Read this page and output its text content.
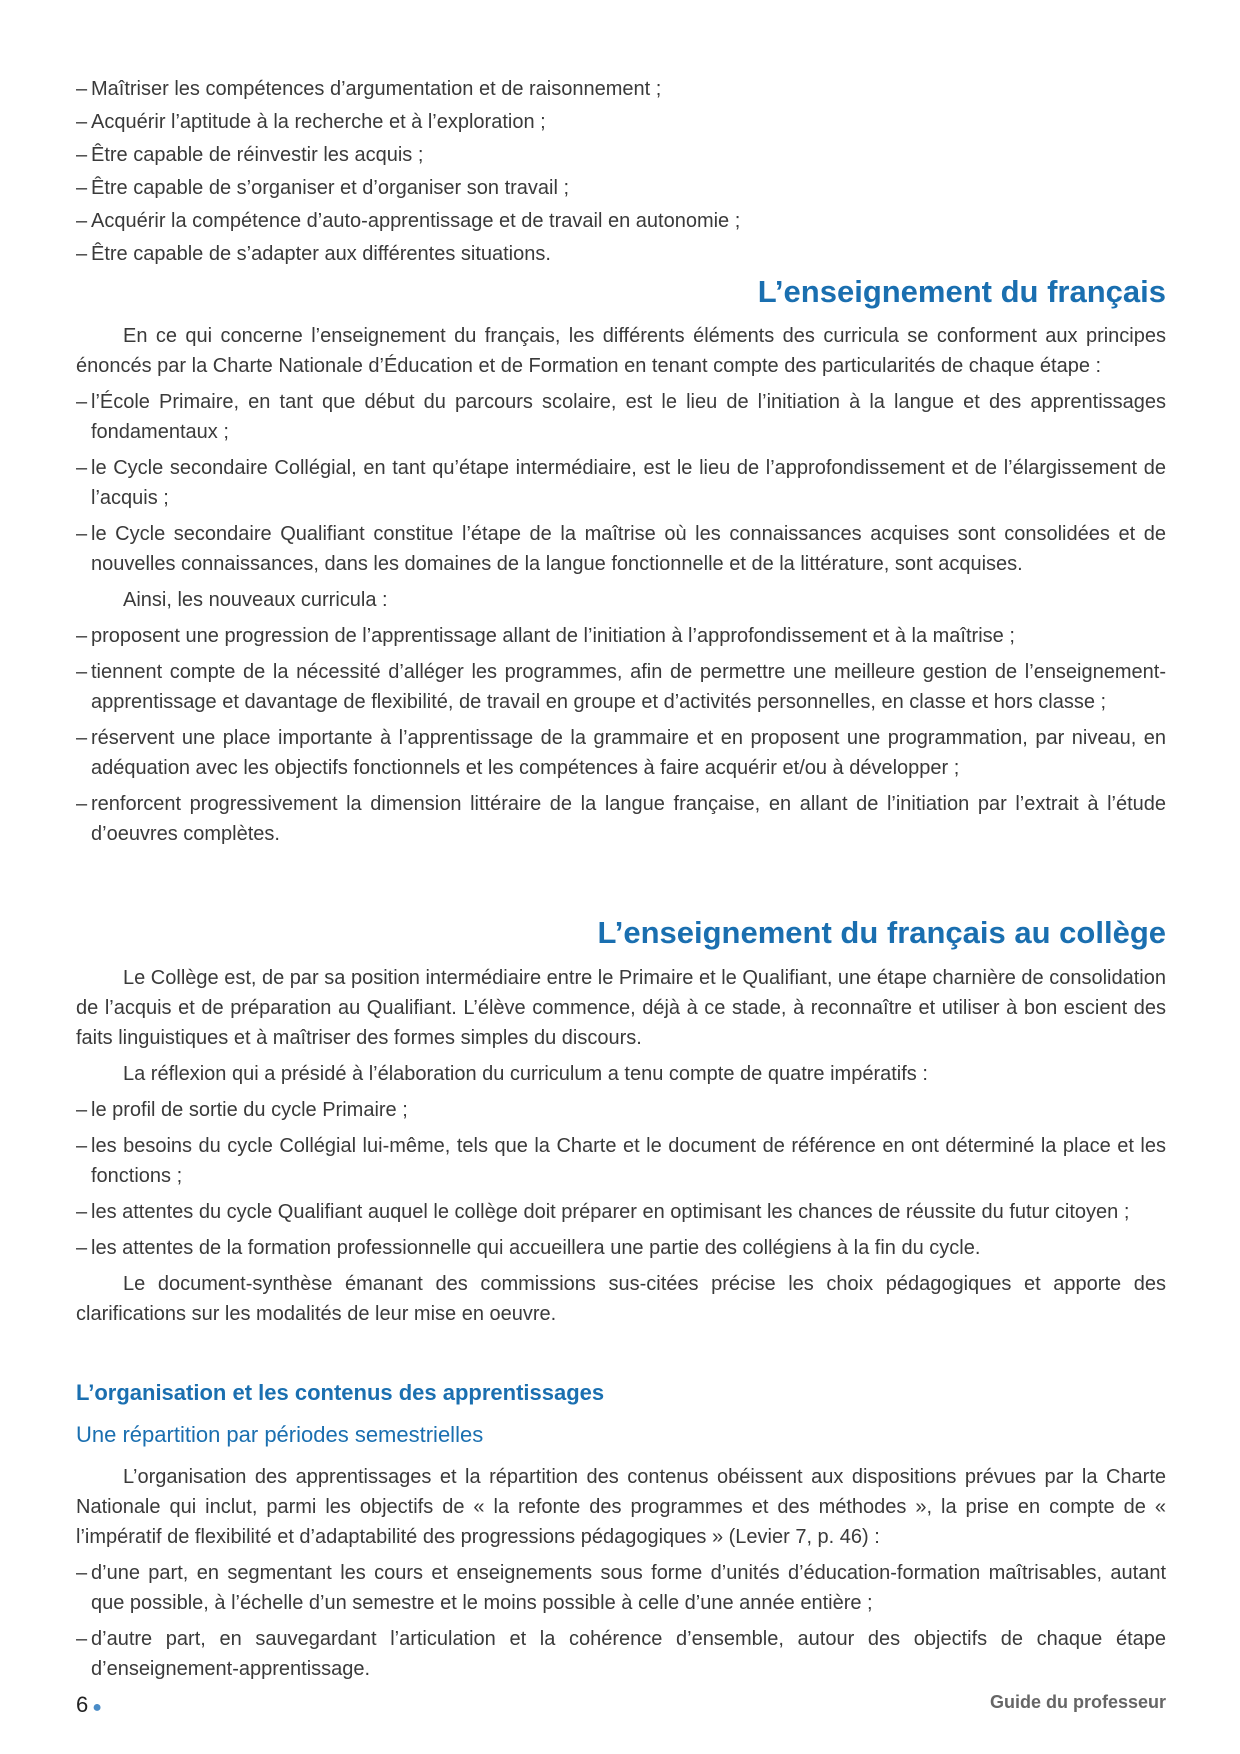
– Maîtriser les compétences d’argumentation et de raisonnement ;
– Acquérir l’aptitude à la recherche et à l’exploration ;
– Être capable de réinvestir les acquis ;
– Être capable de s’organiser et d’organiser son travail ;
– Acquérir la compétence d’auto-apprentissage et de travail en autonomie ;
– Être capable de s’adapter aux différentes situations.
L’enseignement du français
En ce qui concerne l’enseignement du français, les différents éléments des curricula se conforment aux principes énoncés par la Charte Nationale d’Éducation et de Formation en tenant compte des particularités de chaque étape :
– l’École Primaire, en tant que début du parcours scolaire, est le lieu de l’initiation à la langue et des apprentissages fondamentaux ;
– le Cycle secondaire Collégial, en tant qu’étape intermédiaire, est le lieu de l’approfondissement et de l’élargissement de l’acquis ;
– le Cycle secondaire Qualifiant constitue l’étape de la maîtrise où les connaissances acquises sont consolidées et de nouvelles connaissances, dans les domaines de la langue fonctionnelle et de la littérature, sont acquises.
Ainsi, les nouveaux curricula :
– proposent une progression de l’apprentissage allant de l’initiation à l’approfondissement et à la maîtrise ;
– tiennent compte de la nécessité d’alléger les programmes, afin de permettre une meilleure gestion de l’enseignement-apprentissage et davantage de flexibilité, de travail en groupe et d’activités personnelles, en classe et hors classe ;
– réservent une place importante à l’apprentissage de la grammaire et en proposent une programmation, par niveau, en adéquation avec les objectifs fonctionnels et les compétences à faire acquérir et/ou à développer ;
– renforcent progressivement la dimension littéraire de la langue française, en allant de l’initiation par l’extrait à l’étude d’oeuvres complètes.
L’enseignement du français au collège
Le Collège est, de par sa position intermédiaire entre le Primaire et le Qualifiant, une étape charnière de consolidation de l’acquis et de préparation au Qualifiant. L’élève commence, déjà à ce stade, à reconnaître et utiliser à bon escient des faits linguistiques et à maîtriser des formes simples du discours.
La réflexion qui a présidé à l’élaboration du curriculum a tenu compte de quatre impératifs :
– le profil de sortie du cycle Primaire ;
– les besoins du cycle Collégial lui-même, tels que la Charte et le document de référence en ont déterminé la place et les fonctions ;
– les attentes du cycle Qualifiant auquel le collège doit préparer en optimisant les chances de réussite du futur citoyen ;
– les attentes de la formation professionnelle qui accueillera une partie des collégiens à la fin du cycle.
Le document-synthèse émanant des commissions sus-citées précise les choix pédagogiques et apporte des clarifications sur les modalités de leur mise en oeuvre.
L’organisation et les contenus des apprentissages
Une répartition par périodes semestrielles
L’organisation des apprentissages et la répartition des contenus obéissent aux dispositions prévues par la Charte Nationale qui inclut, parmi les objectifs de « la refonte des programmes et des méthodes », la prise en compte de « l’impératif de flexibilité et d’adaptabilité des progressions pédagogiques » (Levier 7, p. 46) :
– d’une part, en segmentant les cours et enseignements sous forme d’unités d’éducation-formation maîtrisables, autant que possible, à l’échelle d’un semestre et le moins possible à celle d’une année entière ;
– d’autre part, en sauvegardant l’articulation et la cohérence d’ensemble, autour des objectifs de chaque étape d’enseignement-apprentissage.
6 ●	Guide du professeur
